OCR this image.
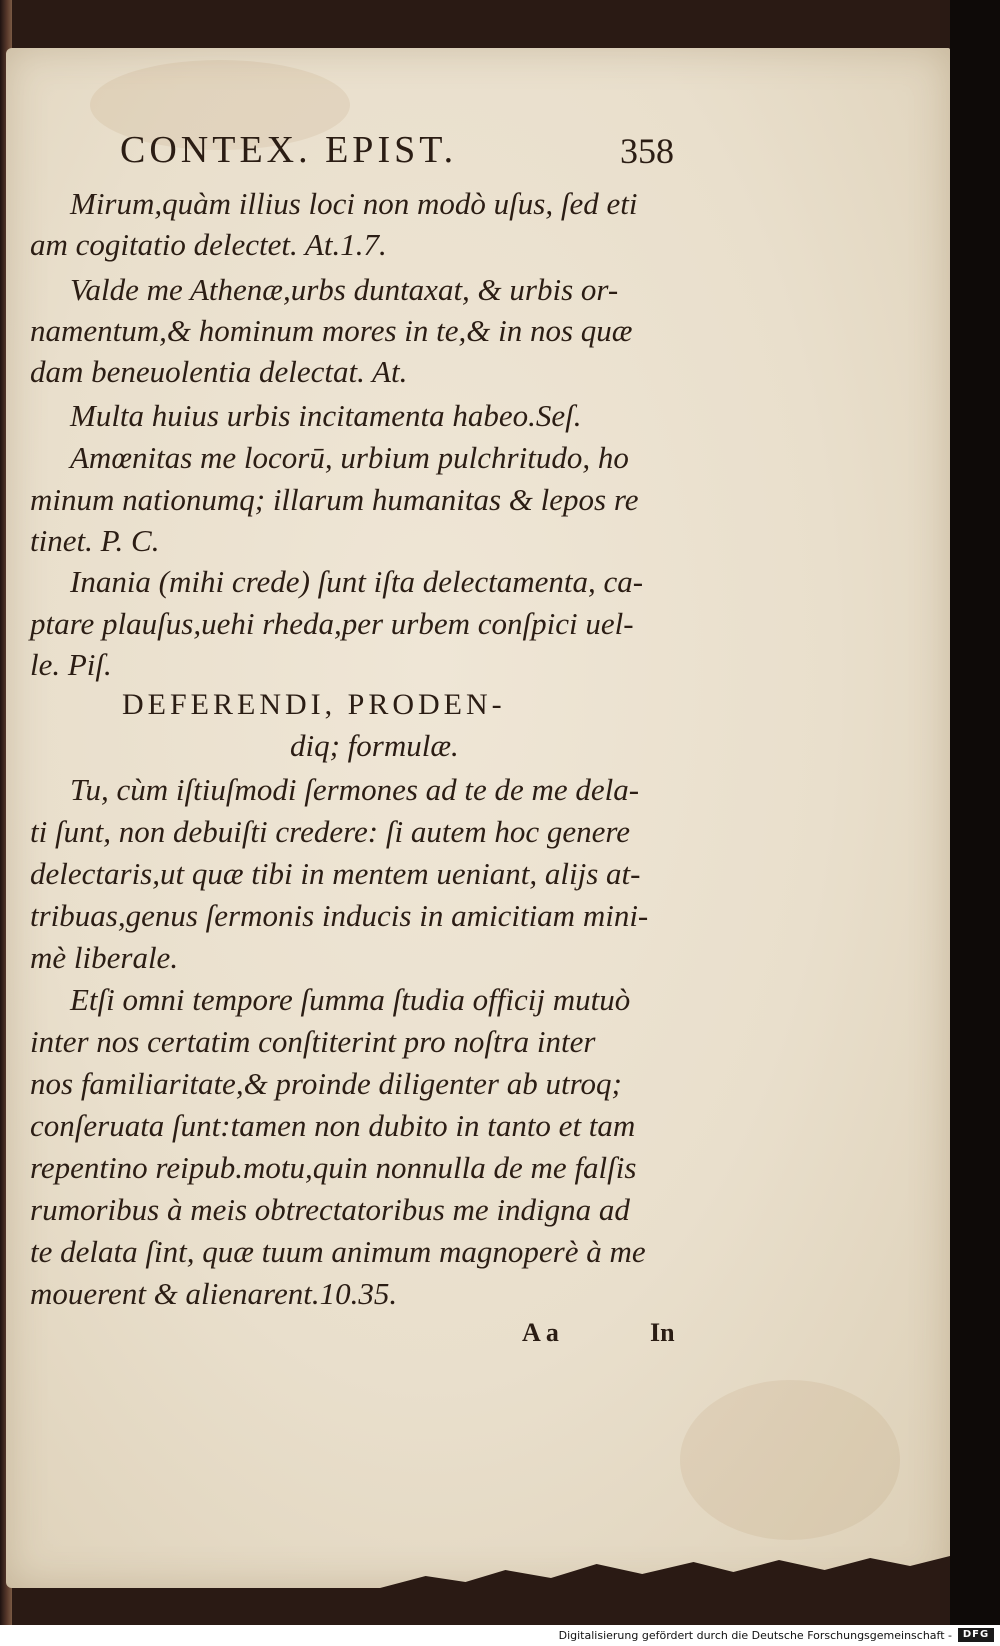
CONTEX. EPIST.	358
Mirum,quàm illius loci non modò uſus, ſed eti
am cogitatio delectet. At.1.7.
Valde me Athenæ,urbs duntaxat, & urbis or-
namentum,& hominum mores in te,& in nos quæ
dam beneuolentia delectat. At.
Multa huius urbis incitamenta habeo.Seſ.
Amœnitas me locorū, urbium pulchritudo, ho
minum nationumq; illarum humanitas & lepos re
tinet. P. C.
Inania (mihi crede) ſunt iſta delectamenta, ca-
ptare plauſus,uehi rheda,per urbem conſpici uel-
le. Piſ.
DEFERENDI, PRODEN-
diq; formulæ.
Tu, cùm iſtiuſmodi ſermones ad te de me dela-
ti ſunt, non debuiſti credere: ſi autem hoc genere
delectaris,ut quæ tibi in mentem ueniant, alijs at-
tribuas,genus ſermonis inducis in amicitiam mini-
mè liberale.
Etſi omni tempore ſumma ſtudia officij mutuò
inter nos certatim conſtiterint pro noſtra inter
nos familiaritate,& proinde diligenter ab utroq;
conſeruata ſunt:tamen non dubito in tanto et tam
repentino reipub.motu,quin nonnulla de me falſis
rumoribus à meis obtrectatoribus me indigna ad
te delata ſint, quæ tuum animum magnoperè à me
mouerent & alienarent.10.35.
A a	In
Digitalisierung gefördert durch die Deutsche Forschungsgemeinschaft -	DFG
